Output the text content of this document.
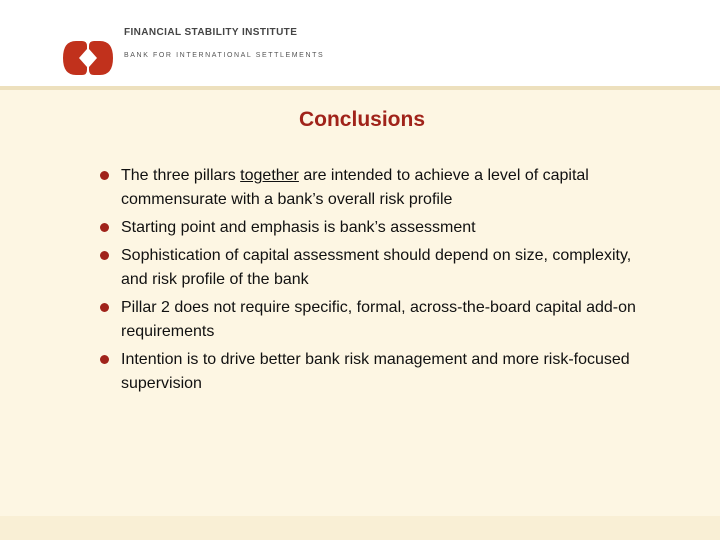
FINANCIAL STABILITY INSTITUTE
BANK FOR INTERNATIONAL SETTLEMENTS
Conclusions
The three pillars together are intended to achieve a level of capital commensurate with a bank’s overall risk profile
Starting point and emphasis is bank’s assessment
Sophistication of capital assessment should depend on size, complexity, and risk profile of the bank
Pillar 2 does not require specific, formal, across-the-board capital add-on requirements
Intention is to drive better bank risk management and more risk-focused supervision
